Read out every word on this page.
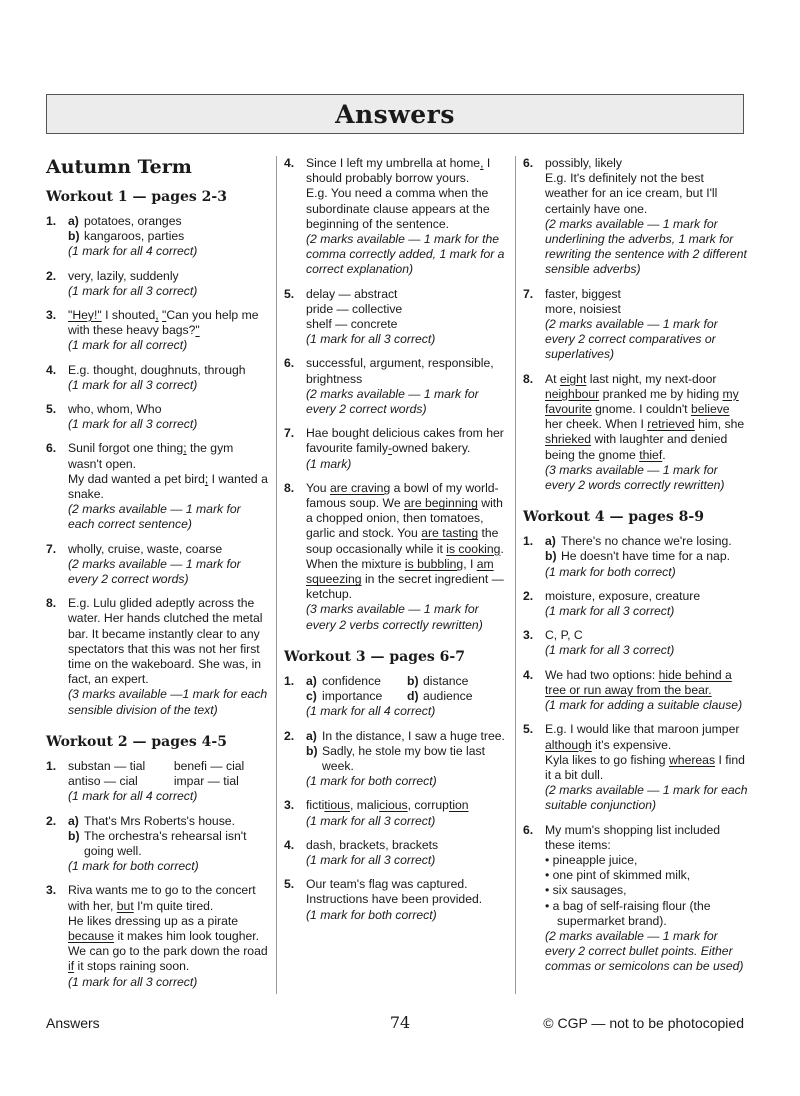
Answers
Autumn Term
Workout 1 — pages 2-3
1. a) potatoes, oranges
b) kangaroos, parties
(1 mark for all 4 correct)
2. very, lazily, suddenly
(1 mark for all 3 correct)
3. "Hey!" I shouted, "Can you help me with these heavy bags?"
(1 mark for all correct)
4. E.g. thought, doughnuts, through
(1 mark for all 3 correct)
5. who, whom, Who
(1 mark for all 3 correct)
6. Sunil forgot one thing; the gym wasn't open.
My dad wanted a pet bird; I wanted a snake.
(2 marks available — 1 mark for each correct sentence)
7. wholly, cruise, waste, coarse
(2 marks available — 1 mark for every 2 correct words)
8. E.g. Lulu glided adeptly across the water. Her hands clutched the metal bar. It became instantly clear to any spectators that this was not her first time on the wakeboard. She was, in fact, an expert.
(3 marks available —1 mark for each sensible division of the text)
Workout 2 — pages 4-5
1. substan — tial	benefi — cial
antiso — cial	impar — tial
(1 mark for all 4 correct)
2. a) That's Mrs Roberts's house.
b) The orchestra's rehearsal isn't going well.
(1 mark for both correct)
3. Riva wants me to go to the concert with her, but I'm quite tired.
He likes dressing up as a pirate because it makes him look tougher.
We can go to the park down the road if it stops raining soon.
(1 mark for all 3 correct)
4. Since I left my umbrella at home, I should probably borrow yours.
E.g. You need a comma when the subordinate clause appears at the beginning of the sentence.
(2 marks available — 1 mark for the comma correctly added, 1 mark for a correct explanation)
5. delay — abstract
pride — collective
shelf — concrete
(1 mark for all 3 correct)
6. successful, argument, responsible, brightness
(2 marks available — 1 mark for every 2 correct words)
7. Hae bought delicious cakes from her favourite family-owned bakery.
(1 mark)
8. You are craving a bowl of my world-famous soup. We are beginning with a chopped onion, then tomatoes, garlic and stock. You are tasting the soup occasionally while it is cooking. When the mixture is bubbling, I am squeezing in the secret ingredient — ketchup.
(3 marks available — 1 mark for every 2 verbs correctly rewritten)
Workout 3 — pages 6-7
1. a) confidence	b) distance
c) importance	d) audience
(1 mark for all 4 correct)
2. a) In the distance, I saw a huge tree.
b) Sadly, he stole my bow tie last week.
(1 mark for both correct)
3. fictitious, malicious, corruption
(1 mark for all 3 correct)
4. dash, brackets, brackets
(1 mark for all 3 correct)
5. Our team's flag was captured. Instructions have been provided.
(1 mark for both correct)
6. possibly, likely
E.g. It's definitely not the best weather for an ice cream, but I'll certainly have one.
(2 marks available — 1 mark for underlining the adverbs, 1 mark for rewriting the sentence with 2 different sensible adverbs)
7. faster, biggest
more, noisiest
(2 marks available — 1 mark for every 2 correct comparatives or superlatives)
8. At eight last night, my next-door neighbour pranked me by hiding my favourite gnome. I couldn't believe her cheek. When I retrieved him, she shrieked with laughter and denied being the gnome thief.
(3 marks available — 1 mark for every 2 words correctly rewritten)
Workout 4 — pages 8-9
1. a) There's no chance we're losing.
b) He doesn't have time for a nap.
(1 mark for both correct)
2. moisture, exposure, creature
(1 mark for all 3 correct)
3. C, P, C
(1 mark for all 3 correct)
4. We had two options: hide behind a tree or run away from the bear.
(1 mark for adding a suitable clause)
5. E.g. I would like that maroon jumper although it's expensive.
Kyla likes to go fishing whereas I find it a bit dull.
(2 marks available — 1 mark for each suitable conjunction)
6. My mum's shopping list included these items:
• pineapple juice,
• one pint of skimmed milk,
• six sausages,
• a bag of self-raising flour (the supermarket brand).
(2 marks available — 1 mark for every 2 correct bullet points. Either commas or semicolons can be used)
Answers	74	© CGP — not to be photocopied
